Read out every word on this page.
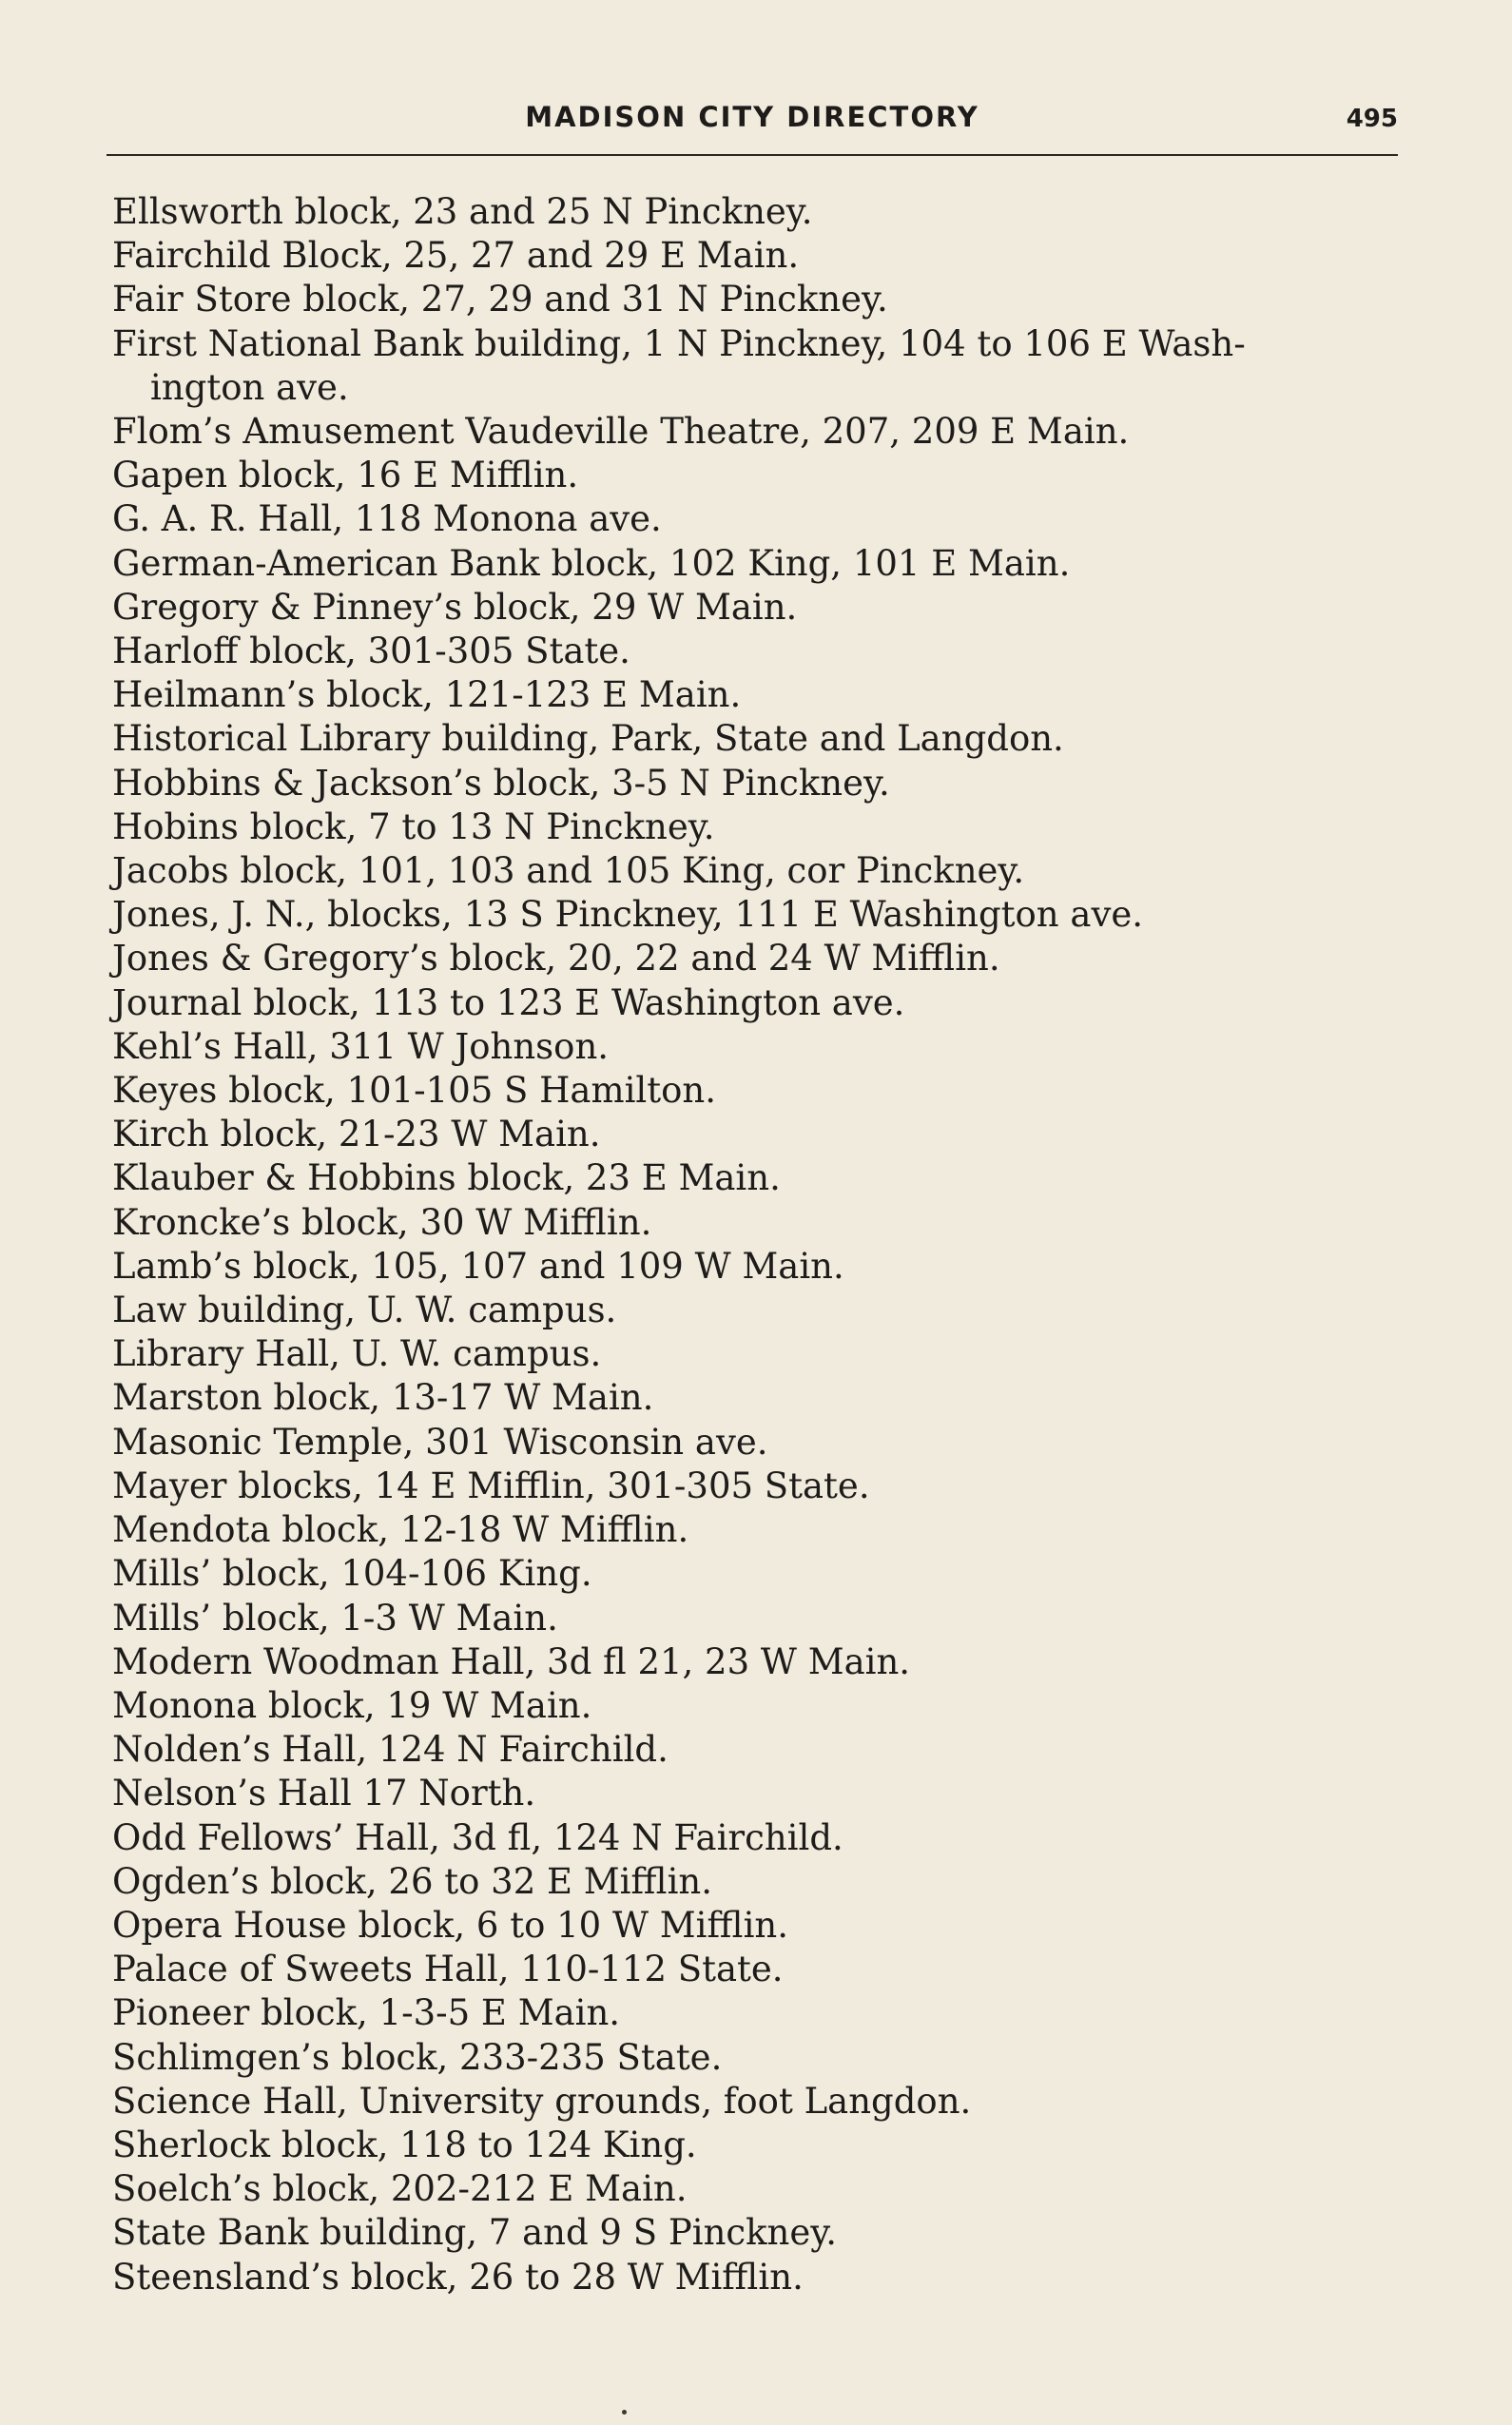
MADISON CITY DIRECTORY	495
Ellsworth block, 23 and 25 N Pinckney.
Fairchild Block, 25, 27 and 29 E Main.
Fair Store block, 27, 29 and 31 N Pinckney.
First National Bank building, 1 N Pinckney, 104 to 106 E Wash-
ington ave.
Flom’s Amusement Vaudeville Theatre, 207, 209 E Main.
Gapen block, 16 E Mifflin.
G. A. R. Hall, 118 Monona ave.
German-American Bank block, 102 King, 101 E Main.
Gregory & Pinney’s block, 29 W Main.
Harloff block, 301-305 State.
Heilmann’s block, 121-123 E Main.
Historical Library building, Park, State and Langdon.
Hobbins & Jackson’s block, 3-5 N Pinckney.
Hobins block, 7 to 13 N Pinckney.
Jacobs block, 101, 103 and 105 King, cor Pinckney.
Jones, J. N., blocks, 13 S Pinckney, 111 E Washington ave.
Jones & Gregory’s block, 20, 22 and 24 W Mifflin.
Journal block, 113 to 123 E Washington ave.
Kehl’s Hall, 311 W Johnson.
Keyes block, 101-105 S Hamilton.
Kirch block, 21-23 W Main.
Klauber & Hobbins block, 23 E Main.
Kroncke’s block, 30 W Mifflin.
Lamb’s block, 105, 107 and 109 W Main.
Law building, U. W. campus.
Library Hall, U. W. campus.
Marston block, 13-17 W Main.
Masonic Temple, 301 Wisconsin ave.
Mayer blocks, 14 E Mifflin, 301-305 State.
Mendota block, 12-18 W Mifflin.
Mills’ block, 104-106 King.
Mills’ block, 1-3 W Main.
Modern Woodman Hall, 3d fl 21, 23 W Main.
Monona block, 19 W Main.
Nolden’s Hall, 124 N Fairchild.
Nelson’s Hall 17 North.
Odd Fellows’ Hall, 3d fl, 124 N Fairchild.
Ogden’s block, 26 to 32 E Mifflin.
Opera House block, 6 to 10 W Mifflin.
Palace of Sweets Hall, 110-112 State.
Pioneer block, 1-3-5 E Main.
Schlimgen’s block, 233-235 State.
Science Hall, University grounds, foot Langdon.
Sherlock block, 118 to 124 King.
Soelch’s block, 202-212 E Main.
State Bank building, 7 and 9 S Pinckney.
Steensland’s block, 26 to 28 W Mifflin.
